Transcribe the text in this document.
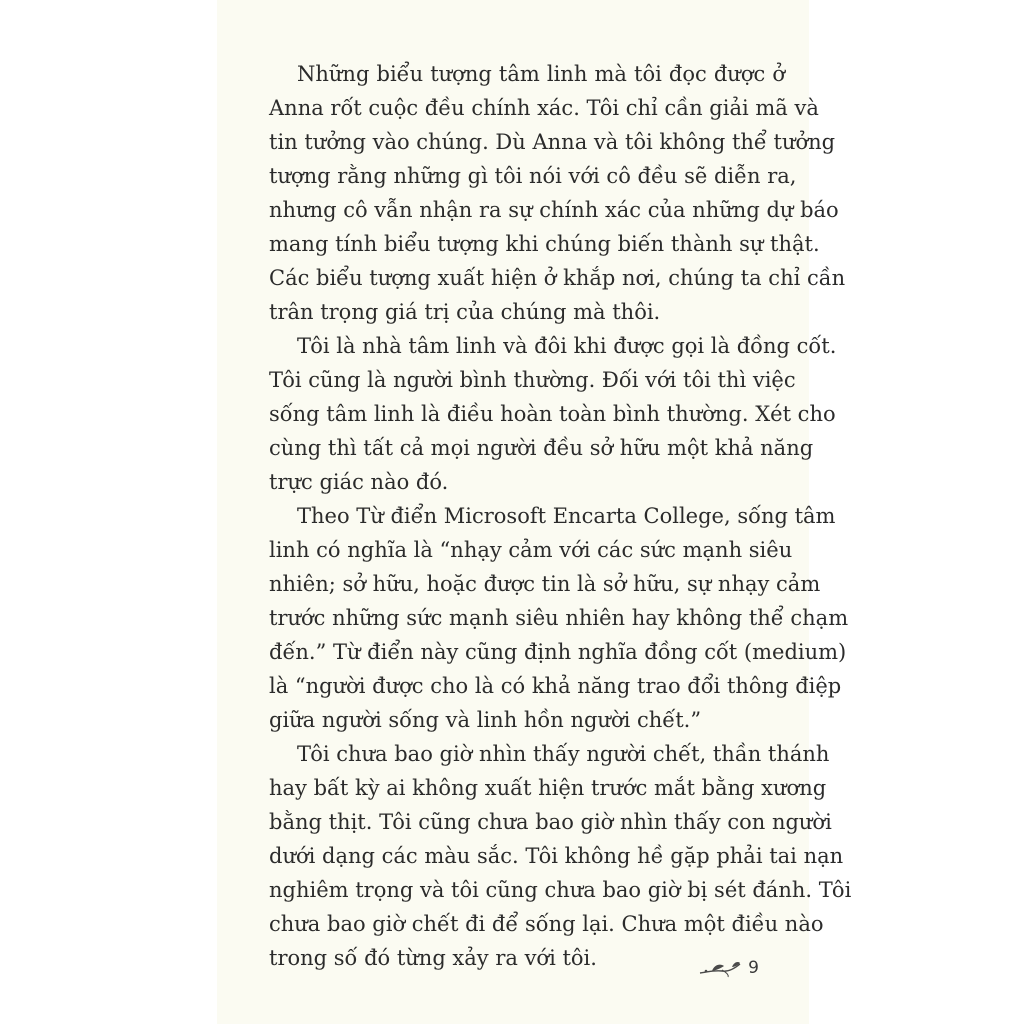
Những biểu tượng tâm linh mà tôi đọc được ở
Anna rốt cuộc đều chính xác. Tôi chỉ cần giải mã và
tin tưởng vào chúng. Dù Anna và tôi không thể tưởng
tượng rằng những gì tôi nói với cô đều sẽ diễn ra,
nhưng cô vẫn nhận ra sự chính xác của những dự báo
mang tính biểu tượng khi chúng biến thành sự thật.
Các biểu tượng xuất hiện ở khắp nơi, chúng ta chỉ cần
trân trọng giá trị của chúng mà thôi.
Tôi là nhà tâm linh và đôi khi được gọi là đồng cốt.
Tôi cũng là người bình thường. Đối với tôi thì việc
sống tâm linh là điều hoàn toàn bình thường. Xét cho
cùng thì tất cả mọi người đều sở hữu một khả năng
trực giác nào đó.
Theo Từ điển Microsoft Encarta College, sống tâm
linh có nghĩa là “nhạy cảm với các sức mạnh siêu
nhiên; sở hữu, hoặc được tin là sở hữu, sự nhạy cảm
trước những sức mạnh siêu nhiên hay không thể chạm
đến.” Từ điển này cũng định nghĩa đồng cốt (medium)
là “người được cho là có khả năng trao đổi thông điệp
giữa người sống và linh hồn người chết.”
Tôi chưa bao giờ nhìn thấy người chết, thần thánh
hay bất kỳ ai không xuất hiện trước mắt bằng xương
bằng thịt. Tôi cũng chưa bao giờ nhìn thấy con người
dưới dạng các màu sắc. Tôi không hề gặp phải tai nạn
nghiêm trọng và tôi cũng chưa bao giờ bị sét đánh. Tôi
chưa bao giờ chết đi để sống lại. Chưa một điều nào
trong số đó từng xảy ra với tôi.	9
